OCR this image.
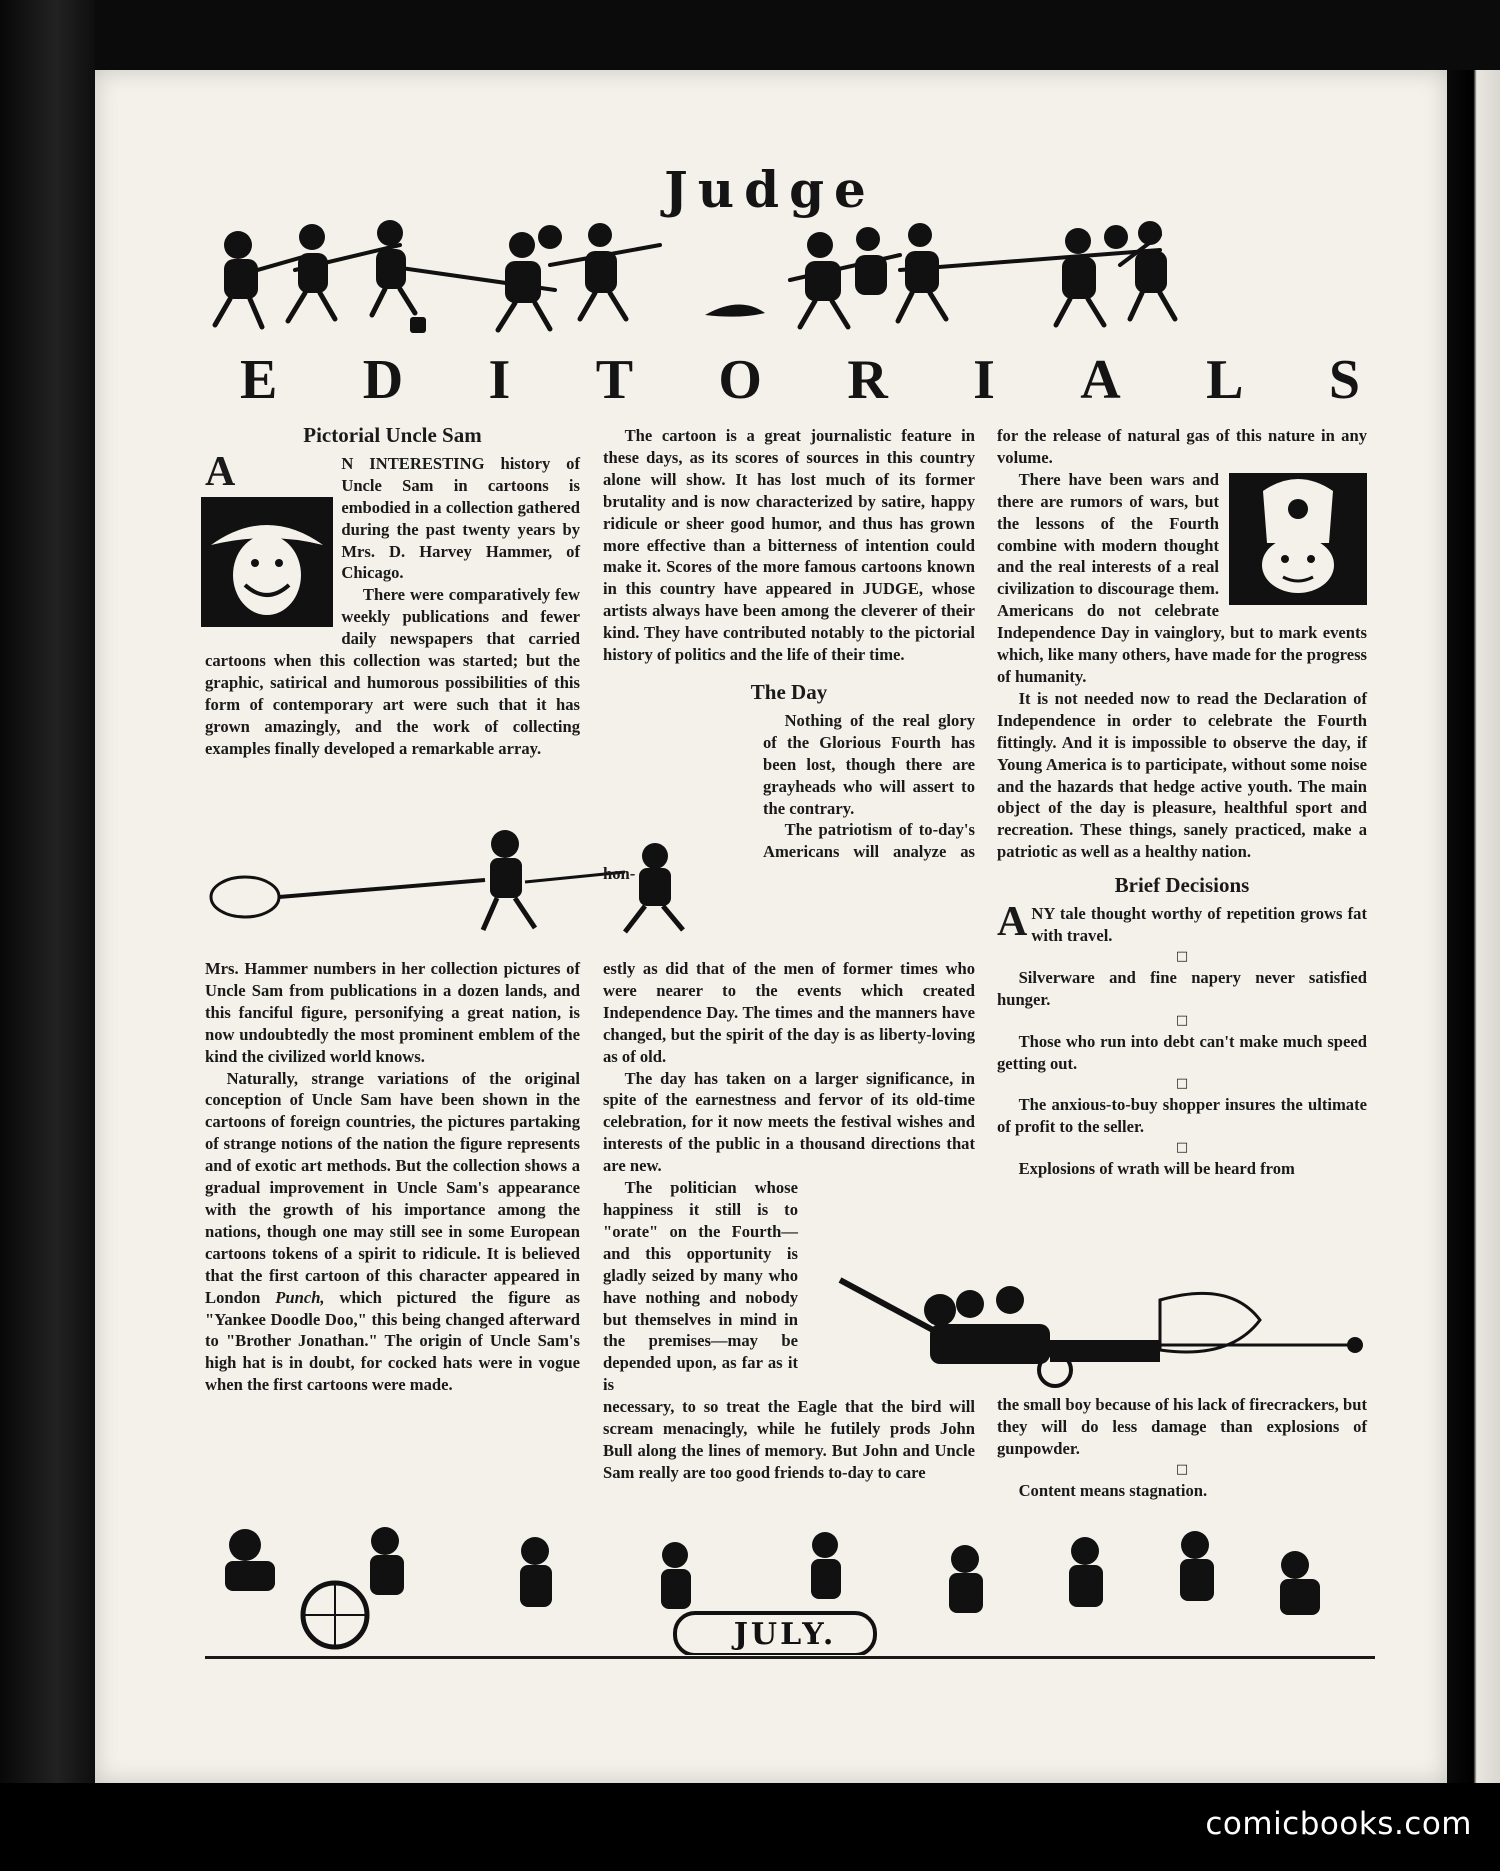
Judge
E D I T O R I A L S
Pictorial Uncle Sam

A	N INTERESTING history of Uncle Sam in cartoons is embodied in a collection gathered during the past twenty years by Mrs. D. Harvey Hammer, of Chicago.

There were comparatively few weekly publications and fewer daily newspapers that carried cartoons when this collection was started; but the graphic, satirical and humorous possibilities of this form of contemporary art were such that it has grown amazingly, and the work of collecting examples finally developed a remarkable array.

Mrs. Hammer numbers in her collection pictures of Uncle Sam from publications in a dozen lands, and this fanciful figure, personifying a great nation, is now undoubtedly the most prominent emblem of the kind the civilized world knows.

Naturally, strange variations of the original conception of Uncle Sam have been shown in the cartoons of foreign countries, the pictures partaking of strange notions of the nation the figure represents and of exotic art methods. But the collection shows a gradual improvement in Uncle Sam's appearance with the growth of his importance among the nations, though one may still see in some European cartoons tokens of a spirit to ridicule. It is believed that the first cartoon of this character appeared in London Punch, which pictured the figure as "Yankee Doodle Doo," this being changed afterward to "Brother Jonathan." The origin of Uncle Sam's high hat is in doubt, for cocked hats were in vogue when the first cartoons were made.

The cartoon is a great journalistic feature in these days, as its scores of sources in this country alone will show. It has lost much of its former brutality and is now characterized by satire, happy ridicule or sheer good humor, and thus has grown more effective than a bitterness of intention could make it. Scores of the more famous cartoons known in this country have appeared in JUDGE, whose artists always have been among the cleverer of their kind. They have contributed notably to the pictorial history of politics and the life of their time.

The Day

Nothing of the real glory of the Glorious Fourth has been lost, though there are grayheads who will assert to the contrary.

The patriotism of to-day's Americans will analyze as hon-

estly as did that of the men of former times who were nearer to the events which created Independence Day. The times and the manners have changed, but the spirit of the day is as liberty-loving as of old.

The day has taken on a larger significance, in spite of the earnestness and fervor of its old-time celebration, for it now meets the festival wishes and interests of the public in a thousand directions that are new.

The politician whose happiness it still is to "orate" on the Fourth—and this opportunity is gladly seized by many who have nothing and nobody but themselves in mind in the premises—may be depended upon, as far as it is

necessary, to so treat the Eagle that the bird will scream menacingly, while he futilely prods John Bull along the lines of memory. But John and Uncle Sam really are too good friends to-day to care

for the release of natural gas of this nature in any volume.

There have been wars and there are rumors of wars, but the lessons of the Fourth combine with modern thought and the real interests of a real civilization to discourage them. Americans do not celebrate Independence Day in vainglory, but to mark events which, like many others, have made for the progress of humanity.

It is not needed now to read the Declaration of Independence in order to celebrate the Fourth fittingly. And it is impossible to observe the day, if Young America is to participate, without some noise and the hazards that hedge active youth. The main object of the day is pleasure, healthful sport and recreation. These things, sanely practiced, make a patriotic as well as a healthy nation.

Brief Decisions

A NY tale thought worthy of repetition grows fat with travel.

□

Silverware and fine napery never satisfied hunger.

□

Those who run into debt can't make much speed getting out.

□

The anxious-to-buy shopper insures the ultimate of profit to the seller.

□

Explosions of wrath will be heard from

the small boy because of his lack of firecrackers, but they will do less damage than explosions of gunpowder.

□

Content means stagnation.

JULY.
comicbooks.com
